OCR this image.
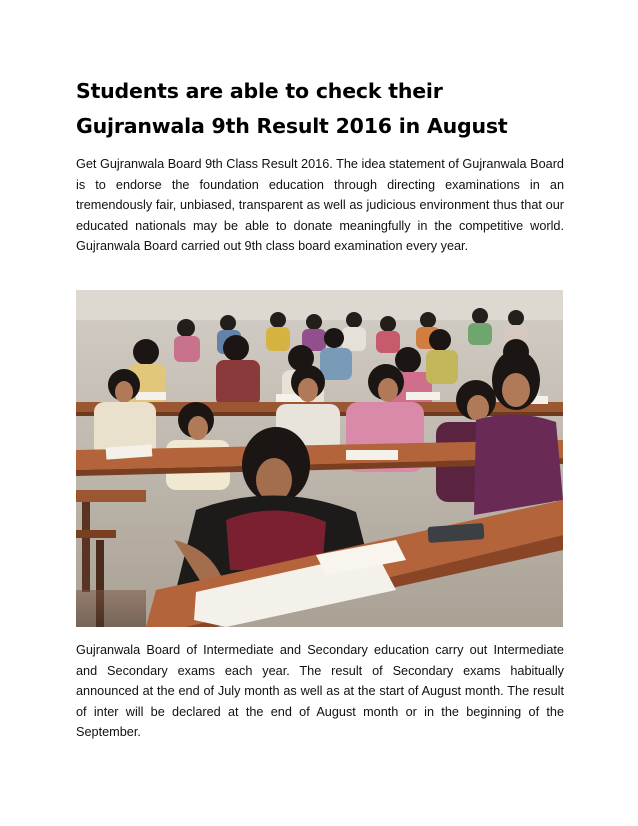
Students are able to check their Gujranwala 9th Result 2016 in August

Get Gujranwala Board 9th Class Result 2016. The idea statement of Gujranwala Board is to endorse the foundation education through directing examinations in an tremendously fair, unbiased, transparent as well as judicious environment thus that our educated nationals may be able to donate meaningfully in the competitive world. Gujranwala Board carried out 9th class board examination every year.

Gujranwala Board of Intermediate and Secondary education carry out Intermediate and Secondary exams each year. The result of Secondary exams habitually announced at the end of July month as well as at the start of August month. The result of inter will be declared at the end of August month or in the beginning of the September.
